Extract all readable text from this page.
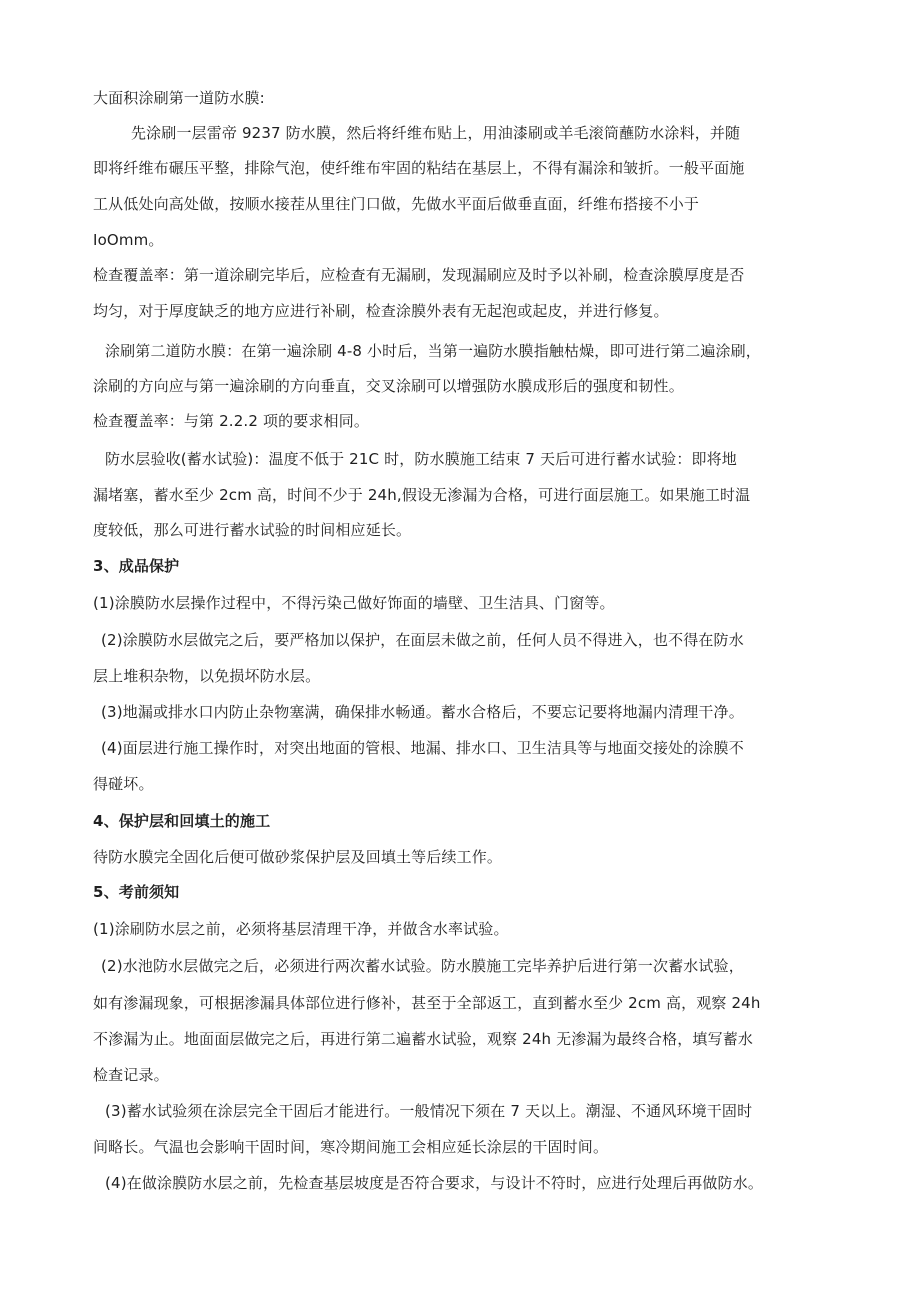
大面积涂刷第一道防水膜:

先涂刷一层雷帝 9237 防水膜，然后将纤维布贴上，用油漆刷或羊毛滚筒蘸防水涂料，并随

即将纤维布碾压平整，排除气泡，使纤维布牢固的粘结在基层上，不得有漏涂和皱折。一般平面施

工从低处向高处做，按顺水接茬从里往门口做，先做水平面后做垂直面，纤维布搭接不小于

IoOmm。

检查覆盖率：第一道涂刷完毕后，应检查有无漏刷，发现漏刷应及时予以补刷，检查涂膜厚度是否

均匀，对于厚度缺乏的地方应进行补刷，检查涂膜外表有无起泡或起皮，并进行修复。

涂刷第二道防水膜：在第一遍涂刷 4-8 小时后，当第一遍防水膜指触枯燥，即可进行第二遍涂刷，

涂刷的方向应与第一遍涂刷的方向垂直，交叉涂刷可以增强防水膜成形后的强度和韧性。

检查覆盖率：与第 2.2.2 项的要求相同。

防水层验收(蓄水试验)：温度不低于 21C 时，防水膜施工结束 7 天后可进行蓄水试验：即将地

漏堵塞，蓄水至少 2cm 高，时间不少于 24h,假设无渗漏为合格，可进行面层施工。如果施工时温

度较低，那么可进行蓄水试验的时间相应延长。

3、成品保护

(1)涂膜防水层操作过程中，不得污染己做好饰面的墙壁、卫生洁具、门窗等。

(2)涂膜防水层做完之后，要严格加以保护，在面层未做之前，任何人员不得进入，也不得在防水

层上堆积杂物，以免损坏防水层。

(3)地漏或排水口内防止杂物塞满，确保排水畅通。蓄水合格后，不要忘记要将地漏内清理干净。

(4)面层进行施工操作时，对突出地面的管根、地漏、排水口、卫生洁具等与地面交接处的涂膜不

得碰坏。

4、保护层和回填土的施工

待防水膜完全固化后便可做砂浆保护层及回填土等后续工作。

5、考前须知

(1)涂刷防水层之前，必须将基层清理干净，并做含水率试验。

(2)水池防水层做完之后，必须进行两次蓄水试验。防水膜施工完毕养护后进行第一次蓄水试验，

如有渗漏现象，可根据渗漏具体部位进行修补，甚至于全部返工，直到蓄水至少 2cm 高，观察 24h

不渗漏为止。地面面层做完之后，再进行第二遍蓄水试验，观察 24h 无渗漏为最终合格，填写蓄水

检查记录。

(3)蓄水试验须在涂层完全干固后才能进行。一般情况下须在 7 天以上。潮湿、不通风环境干固时

间略长。气温也会影响干固时间，寒冷期间施工会相应延长涂层的干固时间。

(4)在做涂膜防水层之前，先检查基层坡度是否符合要求，与设计不符时，应进行处理后再做防水。
